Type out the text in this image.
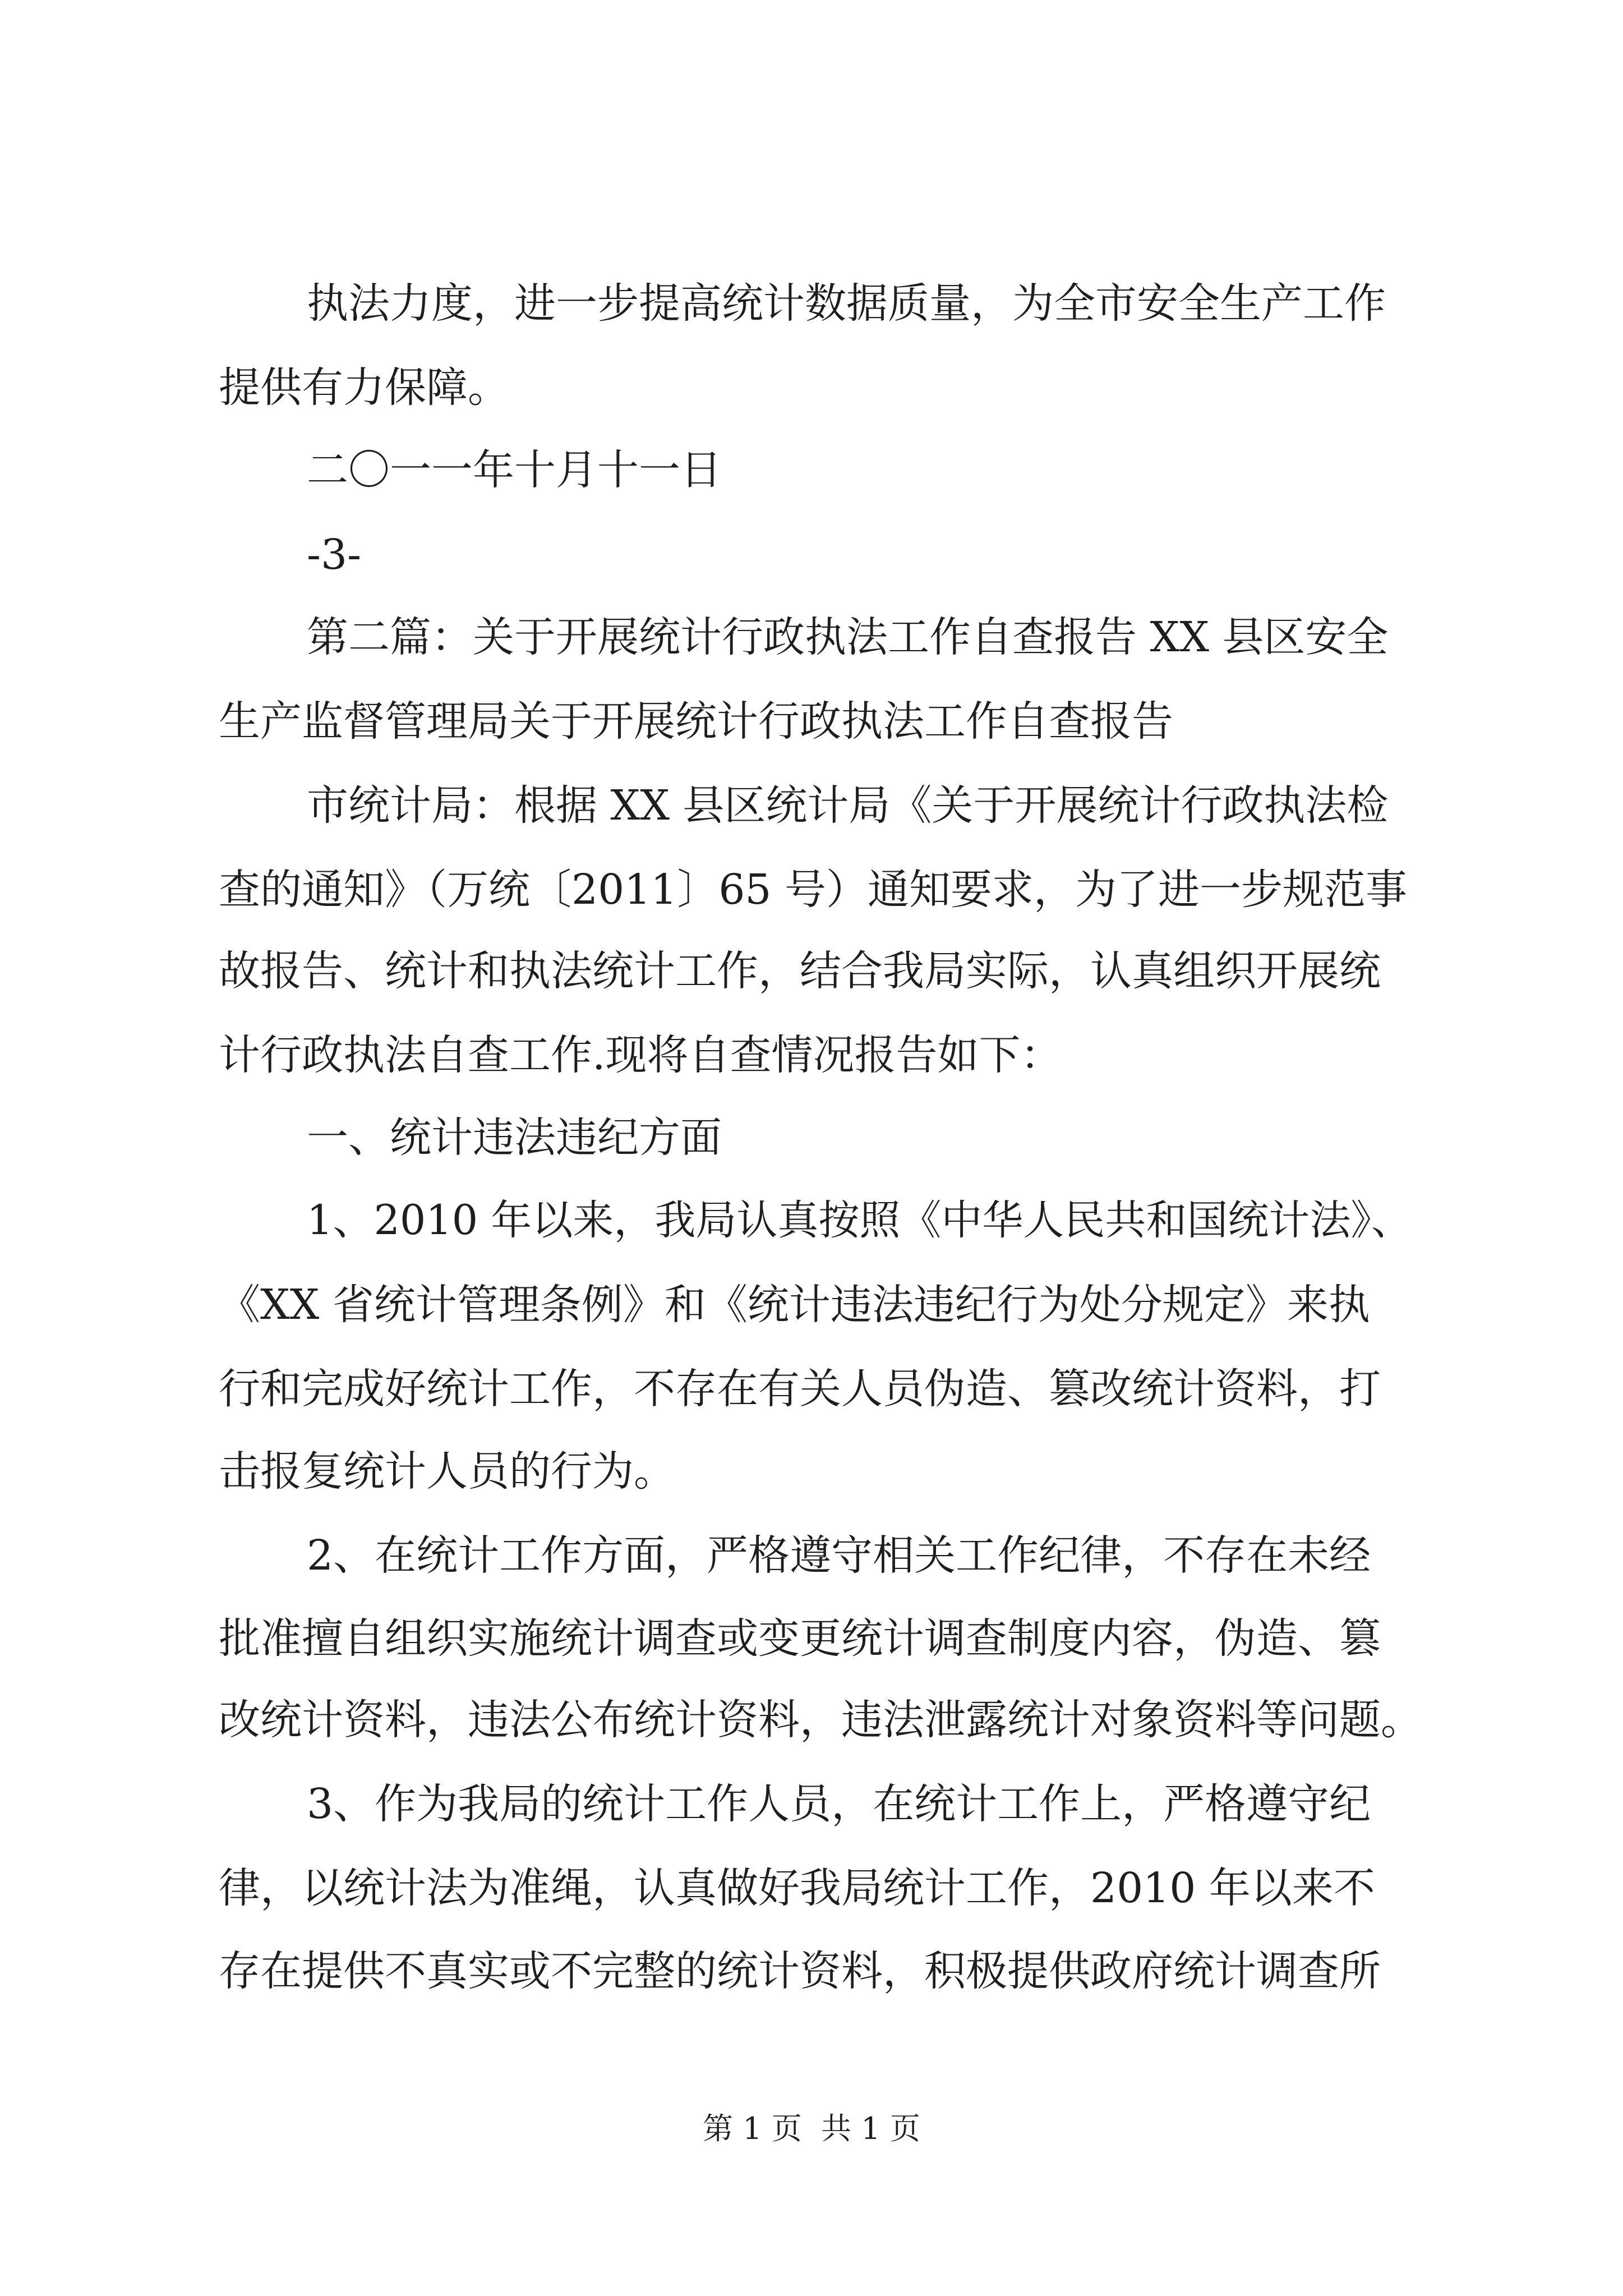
执法力度，进一步提高统计数据质量，为全市安全生产工作
提供有力保障。
二〇一一年十月十一日
-3-
第二篇：关于开展统计行政执法工作自查报告 XX 县区安全
生产监督管理局关于开展统计行政执法工作自查报告
市统计局：根据 XX 县区统计局《关于开展统计行政执法检
查的通知》（万统〔2011〕65 号）通知要求，为了进一步规范事
故报告、统计和执法统计工作，结合我局实际，认真组织开展统
计行政执法自查工作.现将自查情况报告如下：
一、统计违法违纪方面
1、2010 年以来，我局认真按照《中华人民共和国统计法》、
《XX 省统计管理条例》和《统计违法违纪行为处分规定》来执
行和完成好统计工作，不存在有关人员伪造、篡改统计资料，打
击报复统计人员的行为。
2、在统计工作方面，严格遵守相关工作纪律，不存在未经
批准擅自组织实施统计调查或变更统计调查制度内容，伪造、篡
改统计资料，违法公布统计资料，违法泄露统计对象资料等问题。
3、作为我局的统计工作人员，在统计工作上，严格遵守纪
律，以统计法为准绳，认真做好我局统计工作，2010 年以来不
存在提供不真实或不完整的统计资料，积极提供政府统计调查所
第 1 页  共 1 页
